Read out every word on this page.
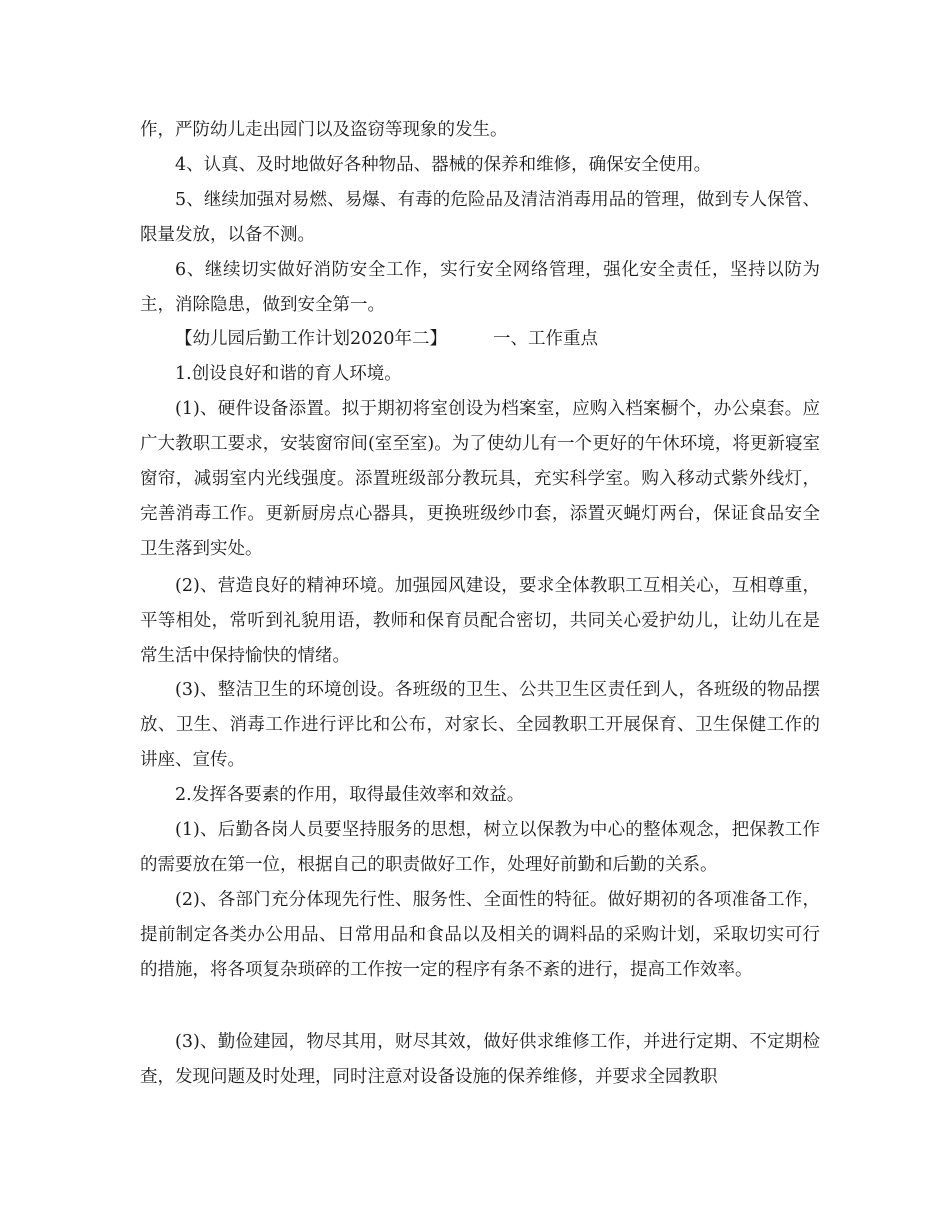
作，严防幼儿走出园门以及盗窃等现象的发生。

4、认真、及时地做好各种物品、器械的保养和维修，确保安全使用。

5、继续加强对易燃、易爆、有毒的危险品及清洁消毒用品的管理，做到专人保管、限量发放，以备不测。

6、继续切实做好消防安全工作，实行安全网络管理，强化安全责任，坚持以防为主，消除隐患，做到安全第一。

【幼儿园后勤工作计划2020年二】	一、工作重点

1.创设良好和谐的育人环境。

(1)、硬件设备添置。拟于期初将室创设为档案室，应购入档案橱个，办公桌套。应广大教职工要求，安装窗帘间(室至室)。为了使幼儿有一个更好的午休环境，将更新寝室窗帘，减弱室内光线强度。添置班级部分教玩具，充实科学室。购入移动式紫外线灯，完善消毒工作。更新厨房点心器具，更换班级纱巾套，添置灭蝇灯两台，保证食品安全卫生落到实处。

(2)、营造良好的精神环境。加强园风建设，要求全体教职工互相关心，互相尊重，平等相处，常听到礼貌用语，教师和保育员配合密切，共同关心爱护幼儿，让幼儿在是常生活中保持愉快的情绪。

(3)、整洁卫生的环境创设。各班级的卫生、公共卫生区责任到人，各班级的物品摆放、卫生、消毒工作进行评比和公布，对家长、全园教职工开展保育、卫生保健工作的讲座、宣传。

2.发挥各要素的作用，取得最佳效率和效益。

(1)、后勤各岗人员要坚持服务的思想，树立以保教为中心的整体观念，把保教工作的需要放在第一位，根据自己的职责做好工作，处理好前勤和后勤的关系。

(2)、各部门充分体现先行性、服务性、全面性的特征。做好期初的各项准备工作，提前制定各类办公用品、日常用品和食品以及相关的调料品的采购计划，采取切实可行的措施，将各项复杂琐碎的工作按一定的程序有条不紊的进行，提高工作效率。

(3)、勤俭建园，物尽其用，财尽其效，做好供求维修工作，并进行定期、不定期检查，发现问题及时处理，同时注意对设备设施的保养维修，并要求全园教职
